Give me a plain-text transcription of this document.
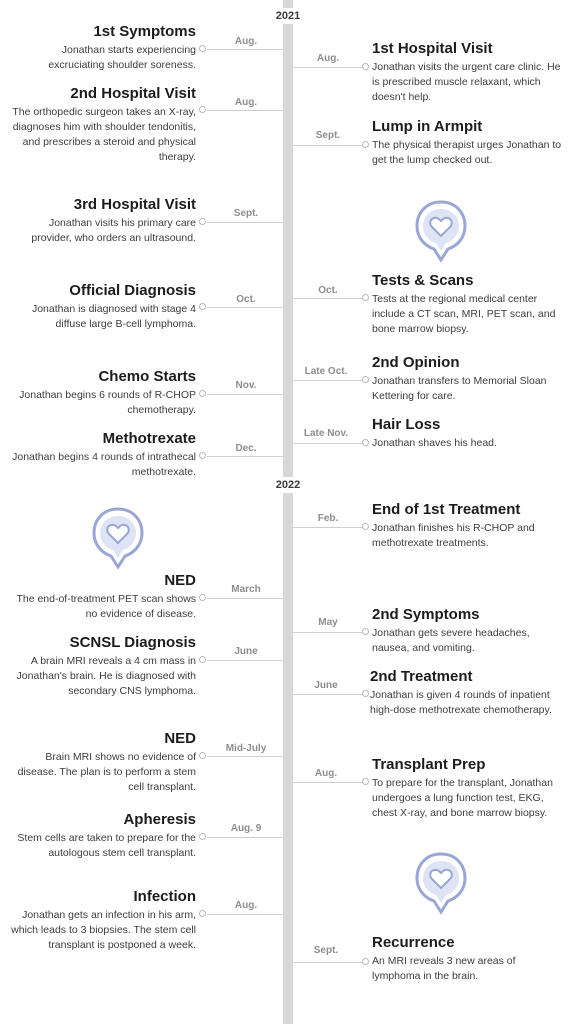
2021
2022
1st Symptoms
Jonathan starts experiencing excruciating shoulder soreness.
Aug.
2nd Hospital Visit
The orthopedic surgeon takes an X-ray, diagnoses him with shoulder tendonitis, and prescribes a steroid and physical therapy.
Aug.
3rd Hospital Visit
Jonathan visits his primary care provider, who orders an ultrasound.
Sept.
Official Diagnosis
Jonathan is diagnosed with stage 4 diffuse large B-cell lymphoma.
Oct.
Chemo Starts
Jonathan begins 6 rounds of R-CHOP chemotherapy.
Nov.
Methotrexate
Jonathan begins 4 rounds of intrathecal methotrexate.
Dec.
NED
The end-of-treatment PET scan shows no evidence of disease.
March
SCNSL Diagnosis
A brain MRI reveals a 4 cm mass in Jonathan's brain. He is diagnosed with secondary CNS lymphoma.
June
NED
Brain MRI shows no evidence of disease. The plan is to perform a stem cell transplant.
Mid-July
Apheresis
Stem cells are taken to prepare for the autologous stem cell transplant.
Aug. 9
Infection
Jonathan gets an infection in his arm, which leads to 3 biopsies. The stem cell transplant is postponed a week.
Aug.
Aug.
1st Hospital Visit
Jonathan visits the urgent care clinic. He is prescribed muscle relaxant, which doesn't help.
Sept.
Lump in Armpit
The physical therapist urges Jonathan to get the lump checked out.
Oct.
Tests & Scans
Tests at the regional medical center include a CT scan, MRI, PET scan, and bone marrow biopsy.
Late Oct.
2nd Opinion
Jonathan transfers to Memorial Sloan Kettering for care.
Late Nov.
Hair Loss
Jonathan shaves his head.
Feb.
End of 1st Treatment
Jonathan finishes his R-CHOP and methotrexate treatments.
May	2nd Symptoms
Jonathan gets severe headaches, nausea, and vomiting.
June
2nd Treatment
Jonathan is given 4 rounds of inpatient high-dose methotrexate chemotherapy.
Aug.
Transplant Prep
To prepare for the transplant, Jonathan undergoes a lung function test, EKG, chest X-ray, and bone marrow biopsy.
Sept.	Recurrence
An MRI reveals 3 new areas of lymphoma in the brain.
